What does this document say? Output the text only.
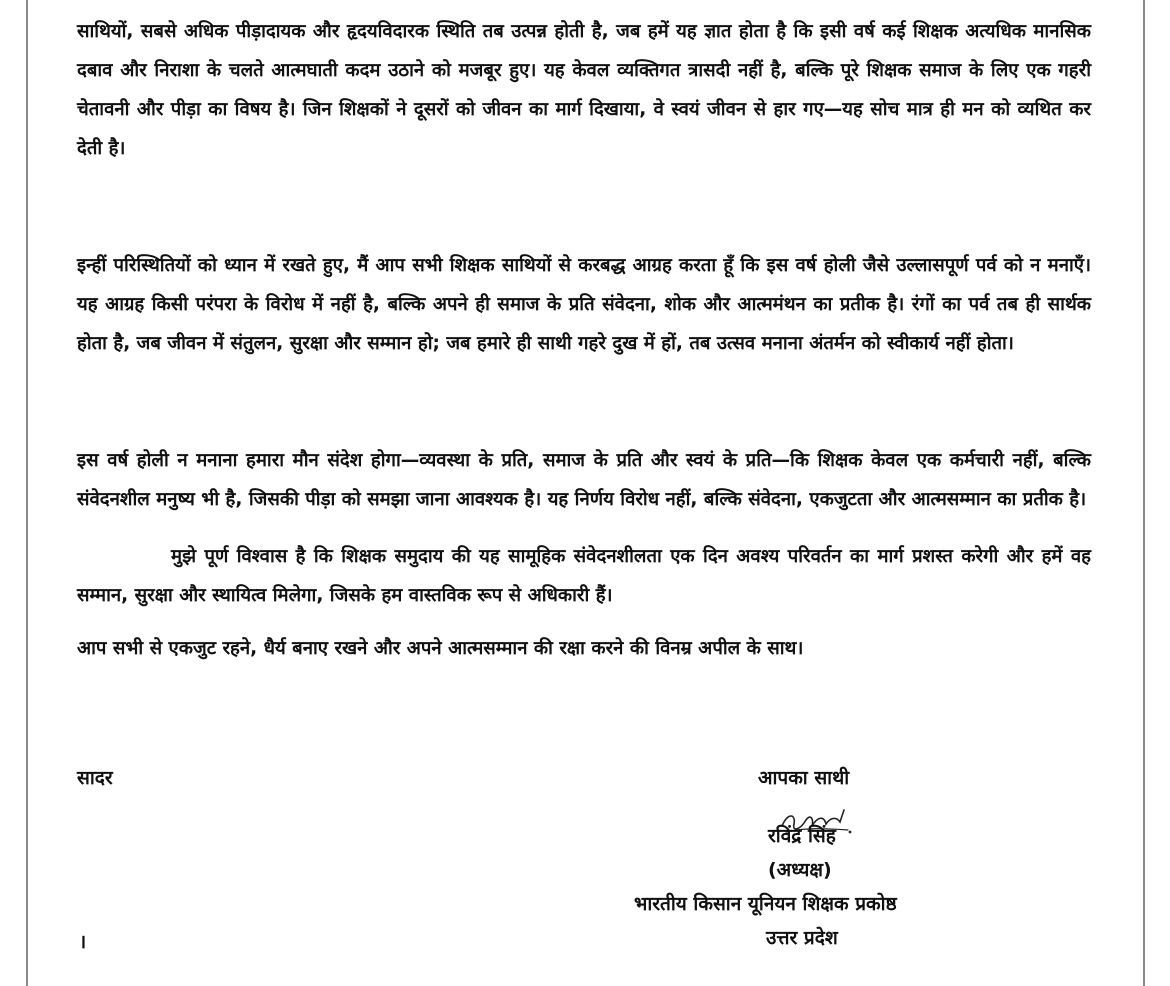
साथियों, सबसे अधिक पीड़ादायक और हृदयविदारक स्थिति तब उत्पन्न होती है, जब हमें यह ज्ञात होता है कि इसी वर्ष कई शिक्षक अत्यधिक मानसिक दबाव और निराशा के चलते आत्मघाती कदम उठाने को मजबूर हुए। यह केवल व्यक्तिगत त्रासदी नहीं है, बल्कि पूरे शिक्षक समाज के लिए एक गहरी चेतावनी और पीड़ा का विषय है। जिन शिक्षकों ने दूसरों को जीवन का मार्ग दिखाया, वे स्वयं जीवन से हार गए—यह सोच मात्र ही मन को व्यथित कर देती है।

इन्हीं परिस्थितियों को ध्यान में रखते हुए, मैं आप सभी शिक्षक साथियों से करबद्ध आग्रह करता हूँ कि इस वर्ष होली जैसे उल्लासपूर्ण पर्व को न मनाएँ। यह आग्रह किसी परंपरा के विरोध में नहीं है, बल्कि अपने ही समाज के प्रति संवेदना, शोक और आत्ममंथन का प्रतीक है। रंगों का पर्व तब ही सार्थक होता है, जब जीवन में संतुलन, सुरक्षा और सम्मान हो; जब हमारे ही साथी गहरे दुख में हों, तब उत्सव मनाना अंतर्मन को स्वीकार्य नहीं होता।

इस वर्ष होली न मनाना हमारा मौन संदेश होगा—व्यवस्था के प्रति, समाज के प्रति और स्वयं के प्रति—कि शिक्षक केवल एक कर्मचारी नहीं, बल्कि संवेदनशील मनुष्य भी है, जिसकी पीड़ा को समझा जाना आवश्यक है। यह निर्णय विरोध नहीं, बल्कि संवेदना, एकजुटता और आत्मसम्मान का प्रतीक है।

मुझे पूर्ण विश्वास है कि शिक्षक समुदाय की यह सामूहिक संवेदनशीलता एक दिन अवश्य परिवर्तन का मार्ग प्रशस्त करेगी और हमें वह सम्मान, सुरक्षा और स्थायित्व मिलेगा, जिसके हम वास्तविक रूप से अधिकारी हैं।

आप सभी से एकजुट रहने, धैर्य बनाए रखने और अपने आत्मसम्मान की रक्षा करने की विनम्र अपील के साथ।

सादर	आपका साथी
रविंद्र सिंह
(अध्यक्ष)
भारतीय किसान यूनियन शिक्षक प्रकोष्ठ
उत्तर प्रदेश
।
